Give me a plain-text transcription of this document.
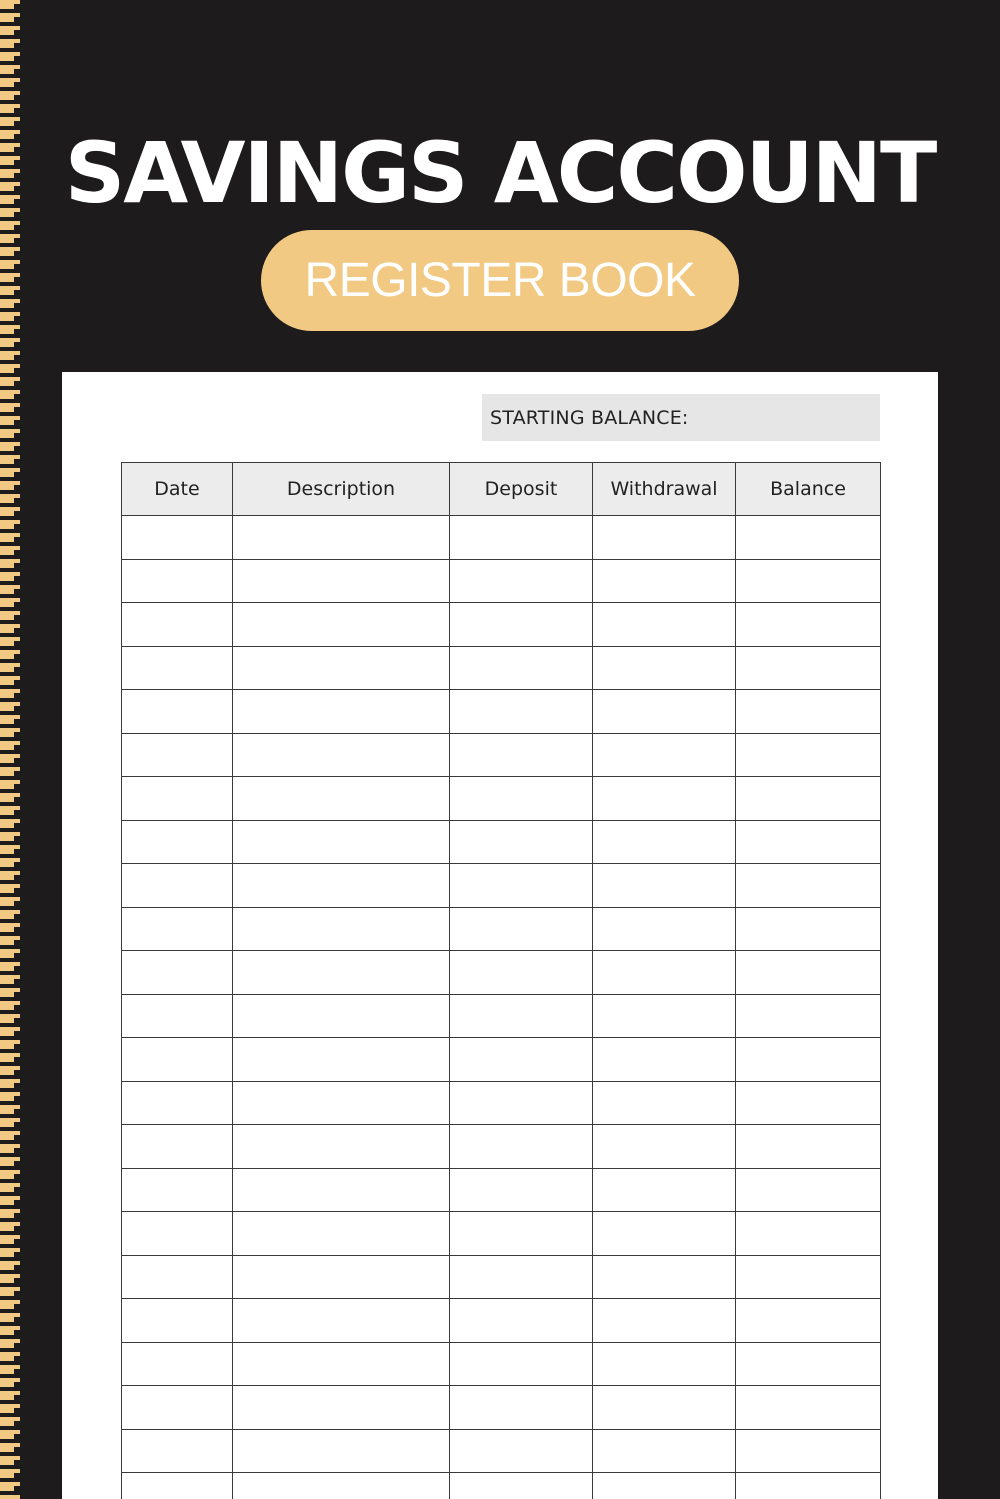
SAVINGS ACCOUNT
REGISTER BOOK
STARTING BALANCE:
Date	Description	Deposit	Withdrawal	Balance
